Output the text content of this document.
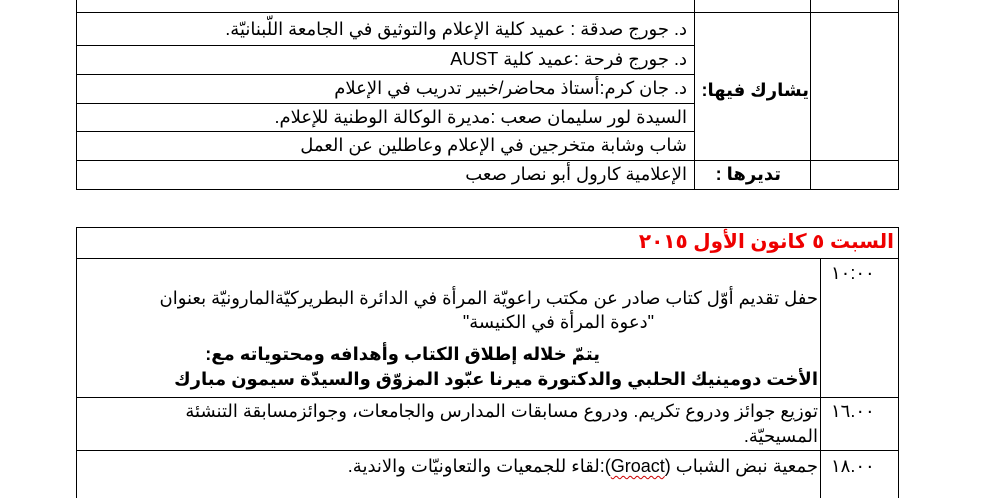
د. جورج صدقة : عميد كلية الإعلام والتوثيق في الجامعة اللّبنانيّة.
د. جورج فرحة :عميد كلية AUST
د. جان كرم:أستاذ محاضر/خبير تدريب في الإعلام
السيدة لور سليمان صعب :مديرة الوكالة الوطنية للإعلام.
شاب وشابة متخرجين في الإعلام وعاطلين عن العمل
يشارك فيها:
الإعلامية كارول أبو نصار صعب تديرها :
السبت ٥ كانون الأول ٢٠١٥
١٠:٠٠
حفل تقديم أوّل كتاب صادر عن مكتب راعويّة المرأة في الدائرة البطريركيّةالمارونيّة بعنوان
"دعوة المرأة في الكنيسة"
يتمّ خلاله إطلاق الكتاب وأهدافه ومحتوياته مع:
الأخت دومينيك الحلبي والدكتورة ميرنا عبّود المزوّق والسيدّة سيمون مبارك
١٦.٠٠
توزيع جوائز ودروع تكريم. ودروع مسابقات المدارس والجامعات، وجوائزمسابقة التنشئة
المسيحيّة.
١٨.٠٠
جمعية نبض الشباب (Groact):لقاء للجمعيات والتعاونيّات والاندية.
